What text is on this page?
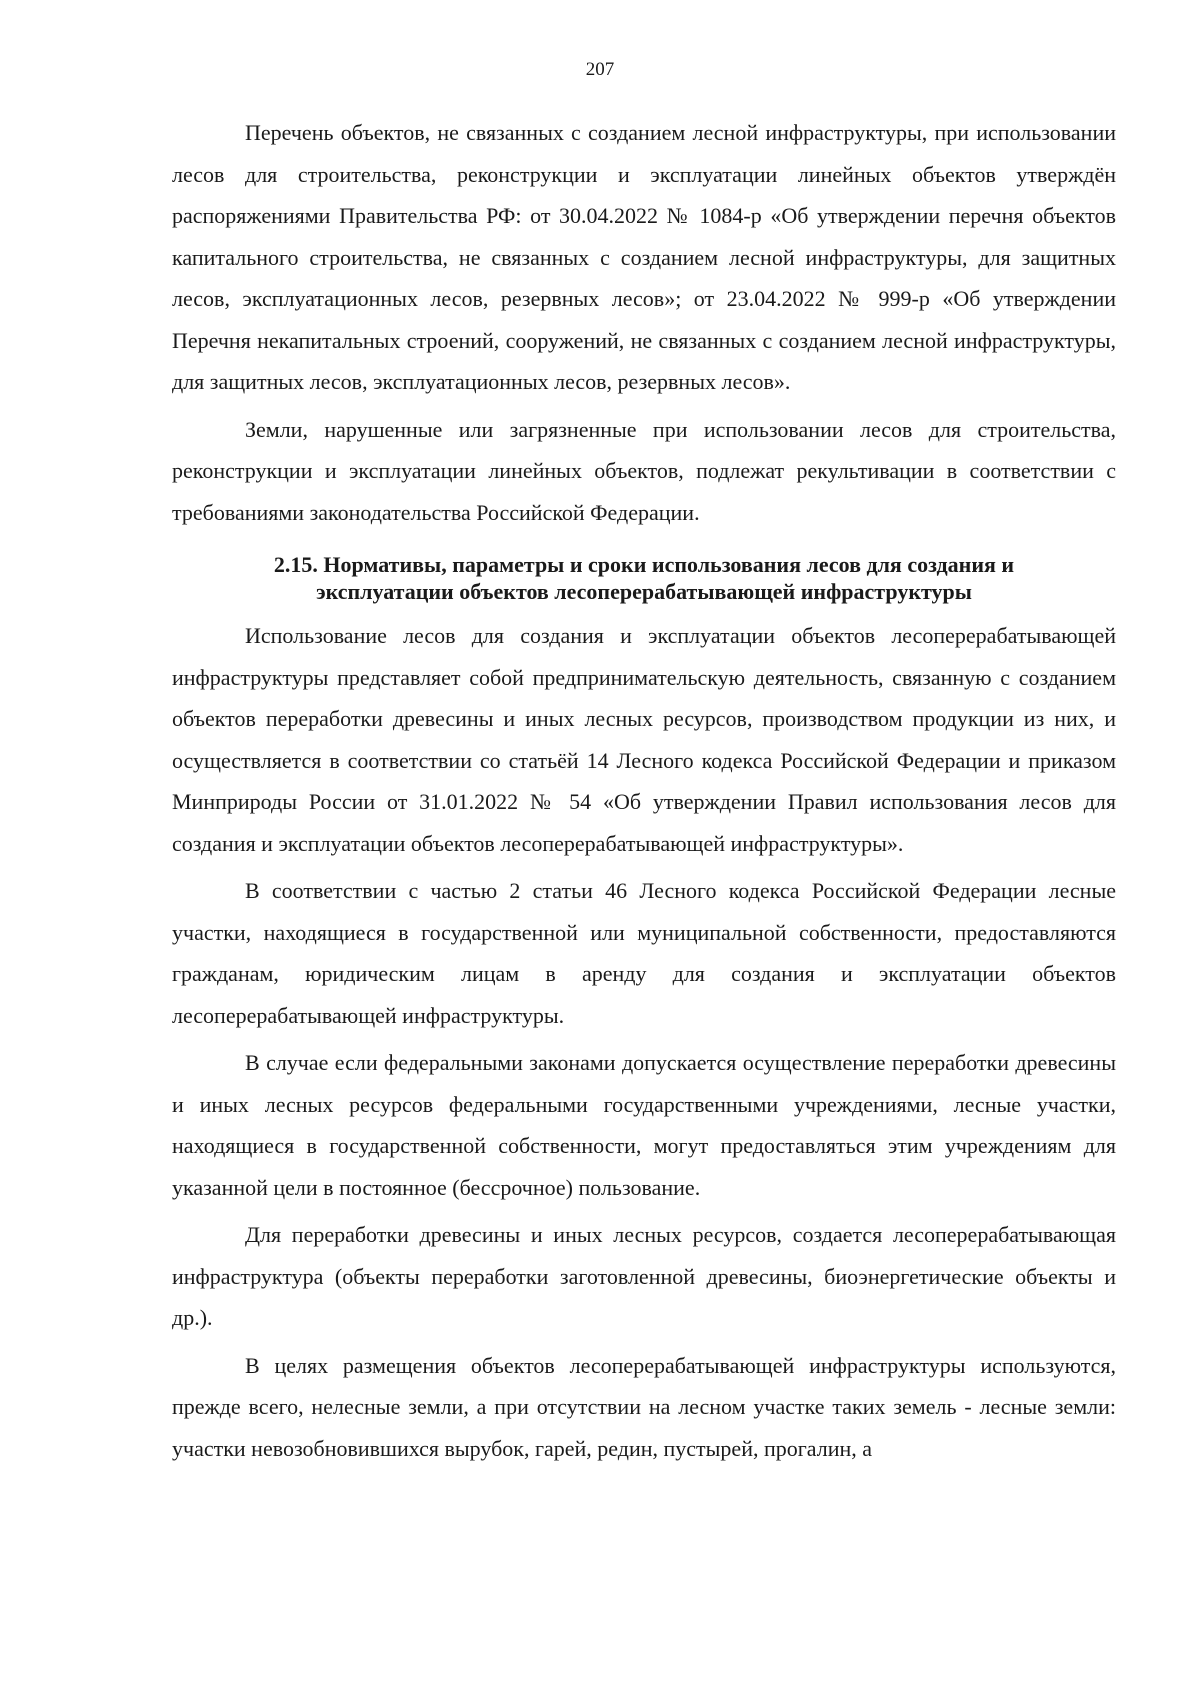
207

Перечень объектов, не связанных с созданием лесной инфраструктуры, при использовании лесов для строительства, реконструкции и эксплуатации линейных объектов утверждён распоряжениями Правительства РФ: от 30.04.2022 № 1084-р «Об утверждении перечня объектов капитального строительства, не связанных с созданием лесной инфраструктуры, для защитных лесов, эксплуатационных лесов, резервных лесов»; от 23.04.2022 № 999-р «Об утверждении Перечня некапитальных строений, сооружений, не связанных с созданием лесной инфраструктуры, для защитных лесов, эксплуатационных лесов, резервных лесов».

Земли, нарушенные или загрязненные при использовании лесов для строительства, реконструкции и эксплуатации линейных объектов, подлежат рекультивации в соответствии с требованиями законодательства Российской Федерации.

2.15. Нормативы, параметры и сроки использования лесов для создания и
эксплуатации объектов лесоперерабатывающей инфраструктуры

Использование лесов для создания и эксплуатации объектов лесоперерабатывающей инфраструктуры представляет собой предпринимательскую деятельность, связанную с созданием объектов переработки древесины и иных лесных ресурсов, производством продукции из них, и осуществляется в соответствии со статьёй 14 Лесного кодекса Российской Федерации и приказом Минприроды России от 31.01.2022 № 54 «Об утверждении Правил использования лесов для создания и эксплуатации объектов лесоперерабатывающей инфраструктуры».

В соответствии с частью 2 статьи 46 Лесного кодекса Российской Федерации лесные участки, находящиеся в государственной или муниципальной собственности, предоставляются гражданам, юридическим лицам в аренду для создания и эксплуатации объектов лесоперерабатывающей инфраструктуры.

В случае если федеральными законами допускается осуществление переработки древесины и иных лесных ресурсов федеральными государственными учреждениями, лесные участки, находящиеся в государственной собственности, могут предоставляться этим учреждениям для указанной цели в постоянное (бессрочное) пользование.

Для переработки древесины и иных лесных ресурсов, создается лесоперерабатывающая инфраструктура (объекты переработки заготовленной древесины, биоэнергетические объекты и др.).

В целях размещения объектов лесоперерабатывающей инфраструктуры используются, прежде всего, нелесные земли, а при отсутствии на лесном участке таких земель - лесные земли: участки невозобновившихся вырубок, гарей, редин, пустырей, прогалин, а
